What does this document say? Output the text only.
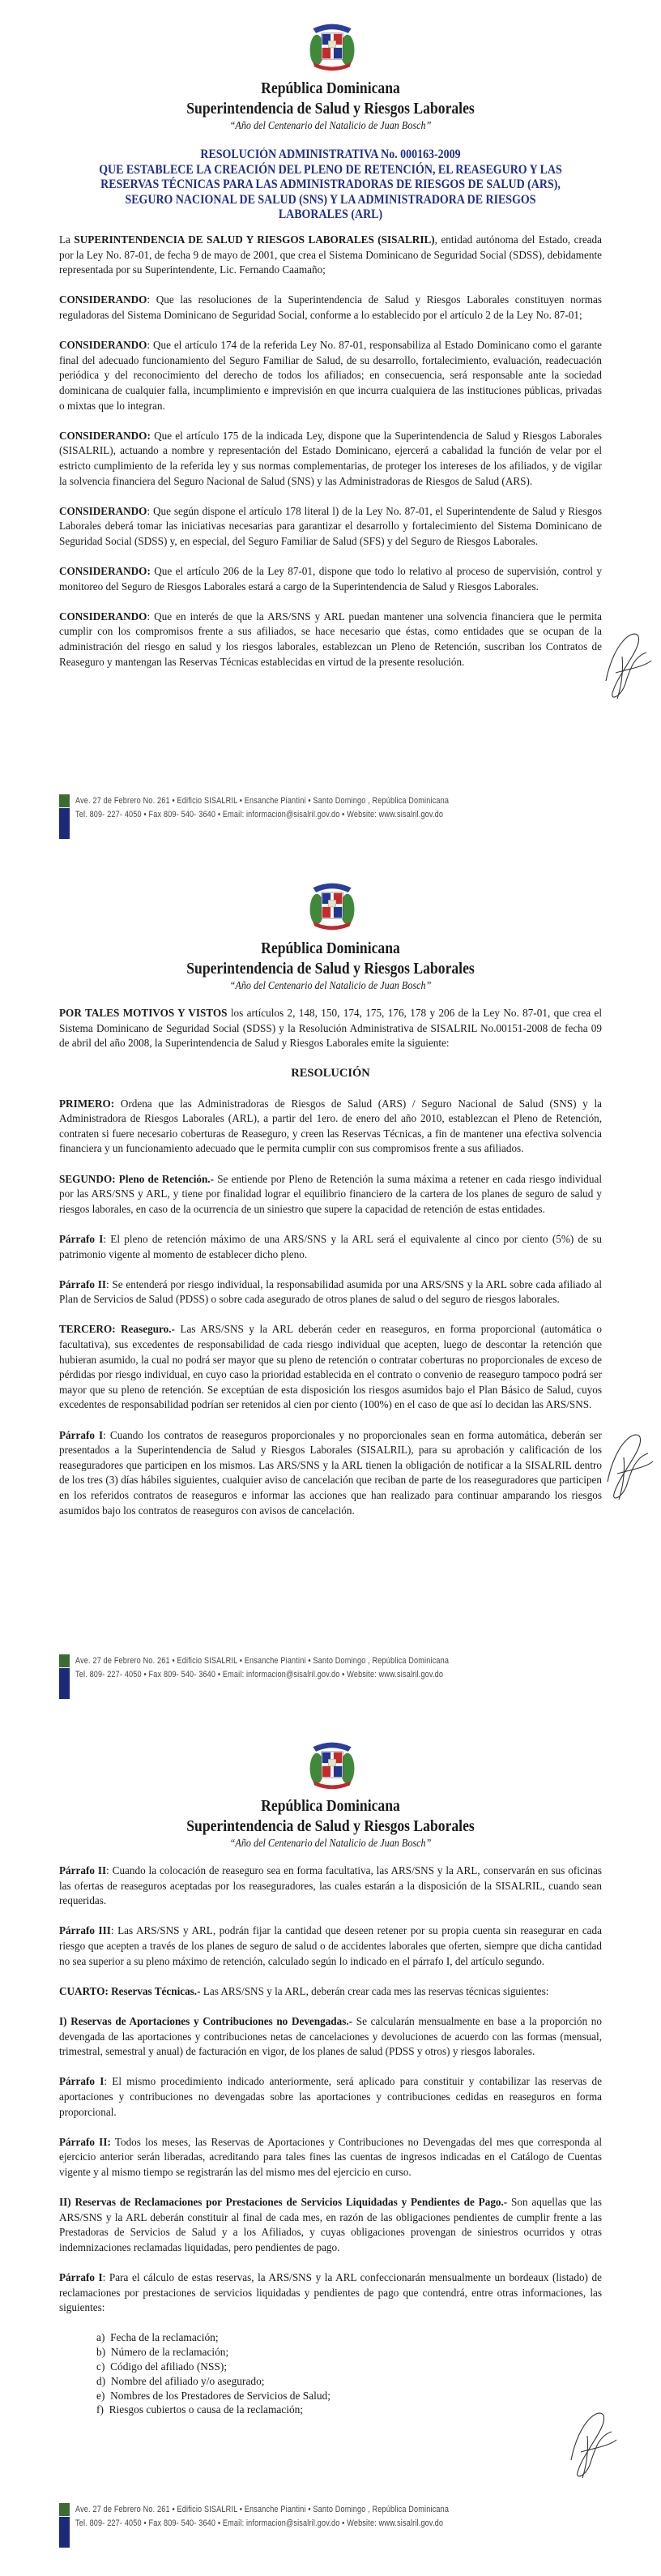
República Dominicana
Superintendencia de Salud y Riesgos Laborales
“Año del Centenario del Natalicio de Juan Bosch”
RESOLUCIÓN ADMINISTRATIVA No. 000163-2009
QUE ESTABLECE LA CREACIÓN DEL PLENO DE RETENCIÓN, EL REASEGURO Y LAS
RESERVAS TÉCNICAS PARA LAS ADMINISTRADORAS DE RIESGOS DE SALUD (ARS),
SEGURO NACIONAL DE SALUD (SNS) Y LA ADMINISTRADORA DE RIESGOS
LABORALES (ARL)

La SUPERINTENDENCIA DE SALUD Y RIESGOS LABORALES (SISALRIL), entidad autónoma del Estado, creada por la Ley No. 87-01, de fecha 9 de mayo de 2001, que crea el Sistema Dominicano de Seguridad Social (SDSS), debidamente representada por su Superintendente, Lic. Fernando Caamaño;

CONSIDERANDO: Que las resoluciones de la Superintendencia de Salud y Riesgos Laborales constituyen normas reguladoras del Sistema Dominicano de Seguridad Social, conforme a lo establecido por el artículo 2 de la Ley No. 87-01;

CONSIDERANDO: Que el artículo 174 de la referida Ley No. 87-01, responsabiliza al Estado Dominicano como el garante final del adecuado funcionamiento del Seguro Familiar de Salud, de su desarrollo, fortalecimiento, evaluación, readecuación periódica y del reconocimiento del derecho de todos los afiliados; en consecuencia, será responsable ante la sociedad dominicana de cualquier falla, incumplimiento e imprevisión en que incurra cualquiera de las instituciones públicas, privadas o mixtas que lo integran.

CONSIDERANDO: Que el artículo 175 de la indicada Ley, dispone que la Superintendencia de Salud y Riesgos Laborales (SISALRIL), actuando a nombre y representación del Estado Dominicano, ejercerá a cabalidad la función de velar por el estricto cumplimiento de la referida ley y sus normas complementarias, de proteger los intereses de los afiliados, y de vigilar la solvencia financiera del Seguro Nacional de Salud (SNS) y las Administradoras de Riesgos de Salud (ARS).

CONSIDERANDO: Que según dispone el artículo 178 literal l) de la Ley No. 87-01, el Superintendente de Salud y Riesgos Laborales deberá tomar las iniciativas necesarias para garantizar el desarrollo y fortalecimiento del Sistema Dominicano de Seguridad Social (SDSS) y, en especial, del Seguro Familiar de Salud (SFS) y del Seguro de Riesgos Laborales.

CONSIDERANDO: Que el artículo 206 de la Ley 87-01, dispone que todo lo relativo al proceso de supervisión, control y monitoreo del Seguro de Riesgos Laborales estará a cargo de la Superintendencia de Salud y Riesgos Laborales.

CONSIDERANDO: Que en interés de que la ARS/SNS y ARL puedan mantener una solvencia financiera que le permita cumplir con los compromisos frente a sus afiliados, se hace necesario que éstas, como entidades que se ocupan de la administración del riesgo en salud y los riesgos laborales, establezcan un Pleno de Retención, suscriban los Contratos de Reaseguro y mantengan las Reservas Técnicas establecidas en virtud de la presente resolución.

Ave. 27 de Febrero No. 261 • Edificio SISALRIL • Ensanche Piantini • Santo Domingo , República Dominicana
Tel. 809- 227- 4050 • Fax 809- 540- 3640 • Email: informacion@sisalril.gov.do • Website: www.sisalril.gov.do
República Dominicana
Superintendencia de Salud y Riesgos Laborales
“Año del Centenario del Natalicio de Juan Bosch”

POR TALES MOTIVOS Y VISTOS los artículos 2, 148, 150, 174, 175, 176, 178 y 206 de la Ley No. 87-01, que crea el Sistema Dominicano de Seguridad Social (SDSS) y la Resolución Administrativa de SISALRIL No.00151-2008 de fecha 09 de abril del año 2008, la Superintendencia de Salud y Riesgos Laborales emite la siguiente:

RESOLUCIÓN

PRIMERO: Ordena que las Administradoras de Riesgos de Salud (ARS) / Seguro Nacional de Salud (SNS) y la Administradora de Riesgos Laborales (ARL), a partir del 1ero. de enero del año 2010, establezcan el Pleno de Retención, contraten si fuere necesario coberturas de Reaseguro, y creen las Reservas Técnicas, a fin de mantener una efectiva solvencia financiera y un funcionamiento adecuado que le permita cumplir con sus compromisos frente a sus afiliados.

SEGUNDO: Pleno de Retención.- Se entiende por Pleno de Retención la suma máxima a retener en cada riesgo individual por las ARS/SNS y ARL, y tiene por finalidad lograr el equilibrio financiero de la cartera de los planes de seguro de salud y riesgos laborales, en caso de la ocurrencia de un siniestro que supere la capacidad de retención de estas entidades.

Párrafo I: El pleno de retención máximo de una ARS/SNS y la ARL será el equivalente al cinco por ciento (5%) de su patrimonio vigente al momento de establecer dicho pleno.

Párrafo II: Se entenderá por riesgo individual, la responsabilidad asumida por una ARS/SNS y la ARL sobre cada afiliado al Plan de Servicios de Salud (PDSS) o sobre cada asegurado de otros planes de salud o del seguro de riesgos laborales.

TERCERO: Reaseguro.- Las ARS/SNS y la ARL deberán ceder en reaseguros, en forma proporcional (automática o facultativa), sus excedentes de responsabilidad de cada riesgo individual que acepten, luego de descontar la retención que hubieran asumido, la cual no podrá ser mayor que su pleno de retención o contratar coberturas no proporcionales de exceso de pérdidas por riesgo individual, en cuyo caso la prioridad establecida en el contrato o convenio de reaseguro tampoco podrá ser mayor que su pleno de retención. Se exceptúan de esta disposición los riesgos asumidos bajo el Plan Básico de Salud, cuyos excedentes de responsabilidad podrían ser retenidos al cien por ciento (100%) en el caso de que así lo decidan las ARS/SNS.

Párrafo I: Cuando los contratos de reaseguros proporcionales y no proporcionales sean en forma automática, deberán ser presentados a la Superintendencia de Salud y Riesgos Laborales (SISALRIL), para su aprobación y calificación de los reaseguradores que participen en los mismos. Las ARS/SNS y la ARL tienen la obligación de notificar a la SISALRIL dentro de los tres (3) días hábiles siguientes, cualquier aviso de cancelación que reciban de parte de los reaseguradores que participen en los referidos contratos de reaseguros e informar las acciones que han realizado para continuar amparando los riesgos asumidos bajo los contratos de reaseguros con avisos de cancelación.

Ave. 27 de Febrero No. 261 • Edificio SISALRIL • Ensanche Piantini • Santo Domingo , República Dominicana
Tel. 809- 227- 4050 • Fax 809- 540- 3640 • Email: informacion@sisalril.gov.do • Website: www.sisalril.gov.do
República Dominicana
Superintendencia de Salud y Riesgos Laborales
“Año del Centenario del Natalicio de Juan Bosch”

Párrafo II: Cuando la colocación de reaseguro sea en forma facultativa, las ARS/SNS y la ARL, conservarán en sus oficinas las ofertas de reaseguros aceptadas por los reaseguradores, las cuales estarán a la disposición de la SISALRIL, cuando sean requeridas.

Párrafo III: Las ARS/SNS y ARL, podrán fijar la cantidad que deseen retener por su propia cuenta sin reasegurar en cada riesgo que acepten a través de los planes de seguro de salud o de accidentes laborales que oferten, siempre que dicha cantidad no sea superior a su pleno máximo de retención, calculado según lo indicado en el párrafo I, del artículo segundo.

CUARTO: Reservas Técnicas.- Las ARS/SNS y la ARL, deberán crear cada mes las reservas técnicas siguientes:

I) Reservas de Aportaciones y Contribuciones no Devengadas.- Se calcularán mensualmente en base a la proporción no devengada de las aportaciones y contribuciones netas de cancelaciones y devoluciones de acuerdo con las formas (mensual, trimestral, semestral y anual) de facturación en vigor, de los planes de salud (PDSS y otros) y riesgos laborales.

Párrafo I: El mismo procedimiento indicado anteriormente, será aplicado para constituir y contabilizar las reservas de aportaciones y contribuciones no devengadas sobre las aportaciones y contribuciones cedidas en reaseguros en forma proporcional.

Párrafo II: Todos los meses, las Reservas de Aportaciones y Contribuciones no Devengadas del mes que corresponda al ejercicio anterior serán liberadas, acreditando para tales fines las cuentas de ingresos indicadas en el Catálogo de Cuentas vigente y al mismo tiempo se registrarán las del mismo mes del ejercicio en curso.

II) Reservas de Reclamaciones por Prestaciones de Servicios Liquidadas y Pendientes de Pago.- Son aquellas que las ARS/SNS y la ARL deberán constituir al final de cada mes, en razón de las obligaciones pendientes de cumplir frente a las Prestadoras de Servicios de Salud y a los Afiliados, y cuyas obligaciones provengan de siniestros ocurridos y otras indemnizaciones reclamadas liquidadas, pero pendientes de pago.

Párrafo I: Para el cálculo de estas reservas, la ARS/SNS y la ARL confeccionarán mensualmente un bordeaux (listado) de reclamaciones por prestaciones de servicios liquidadas y pendientes de pago que contendrá, entre otras informaciones, las siguientes:

a) Fecha de la reclamación;
b) Número de la reclamación;
c) Código del afiliado (NSS);
d) Nombre del afiliado y/o asegurado;
e) Nombres de los Prestadores de Servicios de Salud;
f) Riesgos cubiertos o causa de la reclamación;
Ave. 27 de Febrero No. 261 • Edificio SISALRIL • Ensanche Piantini • Santo Domingo , República Dominicana
Tel. 809- 227- 4050 • Fax 809- 540- 3640 • Email: informacion@sisalril.gov.do • Website: www.sisalril.gov.do
